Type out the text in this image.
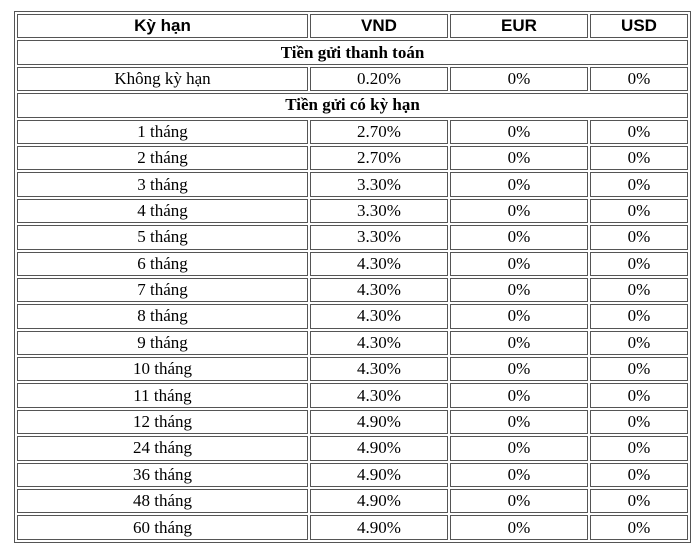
Kỳ hạn	VND	EUR	USD
Tiền gửi thanh toán			
Không kỳ hạn	0.20%	0%	0%
Tiền gửi có kỳ hạn			
1 tháng	2.70%	0%	0%
2 tháng	2.70%	0%	0%
3 tháng	3.30%	0%	0%
4 tháng	3.30%	0%	0%
5 tháng	3.30%	0%	0%
6 tháng	4.30%	0%	0%
7 tháng	4.30%	0%	0%
8 tháng	4.30%	0%	0%
9 tháng	4.30%	0%	0%
10 tháng	4.30%	0%	0%
11 tháng	4.30%	0%	0%
12 tháng	4.90%	0%	0%
24 tháng	4.90%	0%	0%
36 tháng	4.90%	0%	0%
48 tháng	4.90%	0%	0%
60 tháng	4.90%	0%	0%
